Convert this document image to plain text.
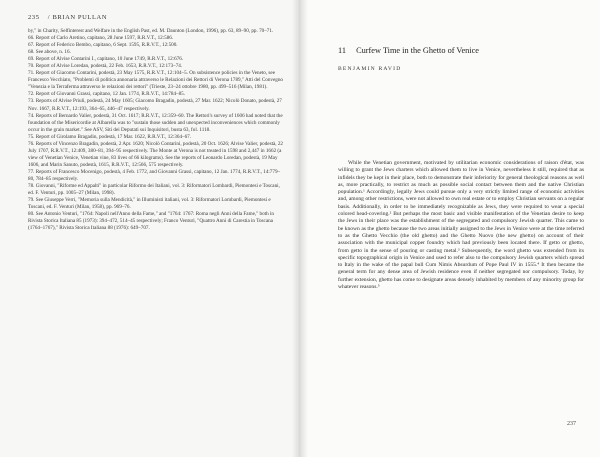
235 / BRIAN PULLAN

by," in Charity, Selfinterest and Welfare in the English Past, ed. M. Daunton (London, 1996), pp. 63, 89–90, pp. 70–71.

66. Report of Carlo Aretino, capitano, 28 June 1597, R.R.V.T., 12:586.

67. Report of Federico Bembo, capitano, 6 Sept. 1595, R.R.V.T., 12:500.

68. See above, n. 16.

69. Report of Alvise Contarini I., capitano, 10 June 1749, R.R.V.T., 12:676.

70. Report of Alvise Loredan, podestà, 22 Feb. 1653, R.R.V.T., 12:173–74.

71. Report of Giacomo Contarini, podestà, 23 May 1575, R.R.V.T., 12:104–5. On subsistence policies in the Veneto, see Francesco Vecchiato, "Problemi di politica annonaria attraverso le Relazioni dei Rettori di Verona 1789," Atti del Convegno "Venezia e la Terraferma attraverso le relazioni dei rettori" (Trieste, 23–24 ottobre 1980, pp. 499–516 (Milan, 1981).

72. Report of Giovanni Grassi, capitano, 12 Jan. 1774, R.R.V.T., 14:784–85.

73. Reports of Alvise Priuli, podestà, 24 May 1605; Giacomo Bragadin, podestà, 27 Mar. 1622; Nicolò Donato, podestà, 27 Nov. 1667, R.R.V.T., 12:193, 364–65, 446–47 respectively.

74. Reports of Bernardo Valier, podestà, 31 Oct. 1617; R.R.V.T., 12:359–60. The Rettori's survey of 1606 had noted that the foundation of the Misericordie at Albarella was to "sustain those sudden and unexpected inconveniences which commonly occur in the grain market." See ASV, Siti dei Deputati sui Inquisitori, busta 63, fol. 1118.

75. Report of Girolamo Bragadin, podestà, 17 Mar. 1622, R.R.V.T., 12:364–67.

76. Reports of Vincenzo Bragadin, podestà, 2 Apr. 1620; Nicolò Contarini, podestà, 20 Oct. 1626; Alvise Valier, podestà, 22 July 1707, R.R.V.T., 12:409, 380–81, 394–95 respectively. The Monte at Verona is not treated in 1598 and 2,447 in 1662 (a view of Venetian Venice, Venetian vine, 83 lives of 66 kilograms). See the reports of Leonardo Loredan, podestà, 19 May 1606, and Marin Sanuto, podestà, 1615, R.R.V.T., 12:566, 575 respectively.

77. Reports of Francesco Mocenigo, podestà, 4 Feb. 1772, and Giovanni Grassi, capitano, 12 Jan. 1774, R.R.V.T., 14:779–80, 784–85 respectively.

78. Giovanni, "Riforme ed Appalti" in particolar Riformo dei Italiani, vol. 3: Riformatori Lombardi, Piemontesi e Toscani, ed. F. Venturi, pp. 1005–27 (Milan, 1998).

79. See Giuseppe Verri, "Memoria sulla Mendicità," in Illuministi italiani, vol. 3: Riformatori Lombardi, Piemontesi e Toscani, ed. F. Venturi (Milan, 1958), pp. 969–76.

80. See Antonio Venturi, "1764: Napoli nell'Anno della Fame," and "1764: 1767: Roma negli Anni della Fame," both in Rivista Storica Italiana 85 (1973): 394–472, 514–45 respectively; Franco Venturi, "Quattro Anni di Carestia in Toscana (1764–1767)," Rivista Storica Italiana 88 (1976): 649–707.

11 Curfew Time in the Ghetto of Venice
BENJAMIN RAVID

While the Venetian government, motivated by utilitarian economic considerations of raison d'état, was willing to grant the Jews charters which allowed them to live in Venice, nevertheless it still, required that as infidels they be kept in their place, both to demonstrate their inferiority for general theological reasons as well as, more practically, to restrict as much as possible social contact between them and the native Christian population.¹ Accordingly, legally Jews could pursue only a very strictly limited range of economic activities and, among other restrictions, were not allowed to own real estate or to employ Christian servants on a regular basis. Additionally, in order to be immediately recognizable as Jews, they were required to wear a special colored head-covering.² But perhaps the most basic and visible manifestation of the Venetian desire to keep the Jews in their place was the establishment of the segregated and compulsory Jewish quarter. This came to be known as the ghetto because the two areas initially assigned to the Jews in Venice were at the time referred to as the Ghetto Vecchio (the old ghetto) and the Ghetto Nuovo (the new ghetto) on account of their association with the municipal copper foundry which had previously been located there. If getto or ghetto, from getto in the sense of pouring or casting metal.³ Subsequently, the word ghetto was extended from its specific topographical origin in Venice and used to refer also to the compulsory Jewish quarters which spread to Italy in the wake of the papal bull Cum Nimis Absurdum of Pope Paul IV in 1555.⁴ It then became the general term for any dense area of Jewish residence even if neither segregated nor compulsory. Today, by further extension, ghetto has come to designate areas densely inhabited by members of any minority group for whatever reasons.⁵

237
